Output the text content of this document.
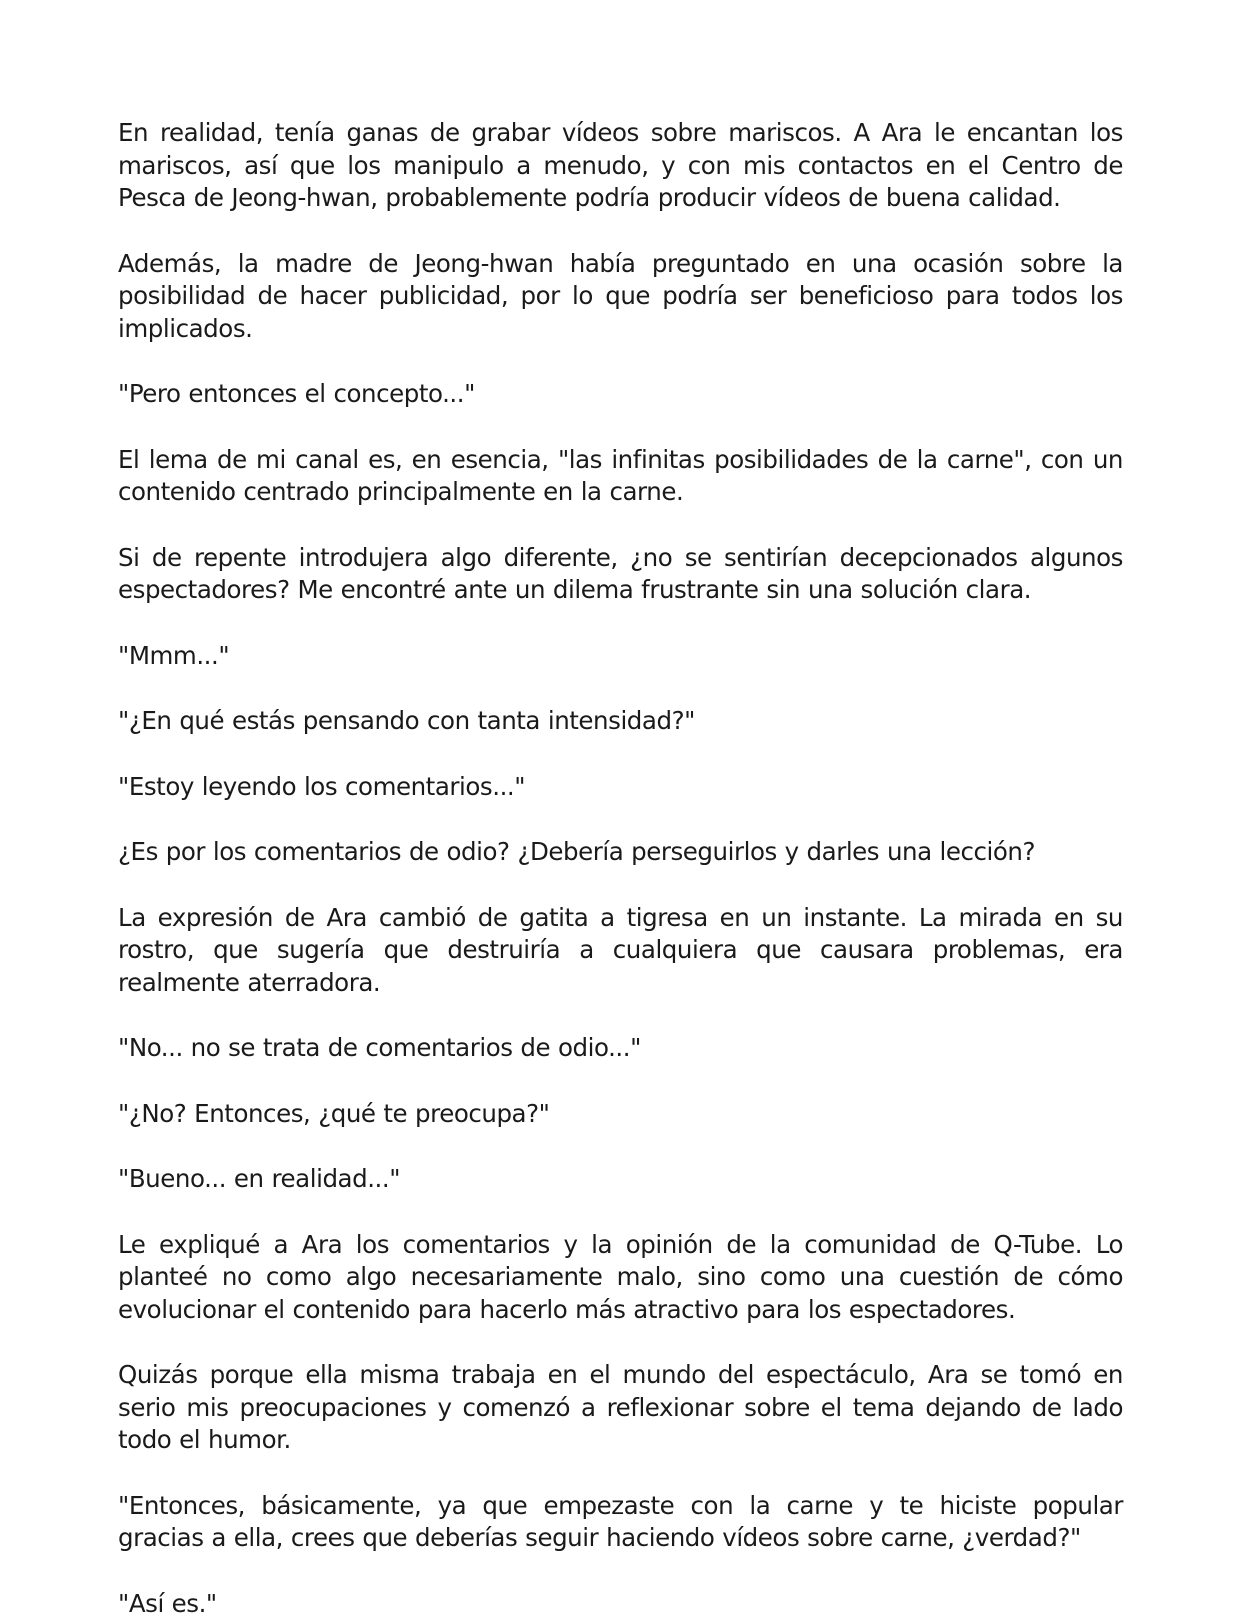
En realidad, tenía ganas de grabar vídeos sobre mariscos. A Ara le encantan los mariscos, así que los manipulo a menudo, y con mis contactos en el Centro de Pesca de Jeong-hwan, probablemente podría producir vídeos de buena calidad.

Además, la madre de Jeong-hwan había preguntado en una ocasión sobre la posibilidad de hacer publicidad, por lo que podría ser beneficioso para todos los implicados.

"Pero entonces el concepto..."

El lema de mi canal es, en esencia, "las infinitas posibilidades de la carne", con un contenido centrado principalmente en la carne.

Si de repente introdujera algo diferente, ¿no se sentirían decepcionados algunos espectadores? Me encontré ante un dilema frustrante sin una solución clara.

"Mmm..."

"¿En qué estás pensando con tanta intensidad?"

"Estoy leyendo los comentarios..."

¿Es por los comentarios de odio? ¿Debería perseguirlos y darles una lección?

La expresión de Ara cambió de gatita a tigresa en un instante. La mirada en su rostro, que sugería que destruiría a cualquiera que causara problemas, era realmente aterradora.

"No... no se trata de comentarios de odio..."

"¿No? Entonces, ¿qué te preocupa?"

"Bueno... en realidad..."

Le expliqué a Ara los comentarios y la opinión de la comunidad de Q-Tube. Lo planteé no como algo necesariamente malo, sino como una cuestión de cómo evolucionar el contenido para hacerlo más atractivo para los espectadores.

Quizás porque ella misma trabaja en el mundo del espectáculo, Ara se tomó en serio mis preocupaciones y comenzó a reflexionar sobre el tema dejando de lado todo el humor.

"Entonces, básicamente, ya que empezaste con la carne y te hiciste popular gracias a ella, crees que deberías seguir haciendo vídeos sobre carne, ¿verdad?"

"Así es."
